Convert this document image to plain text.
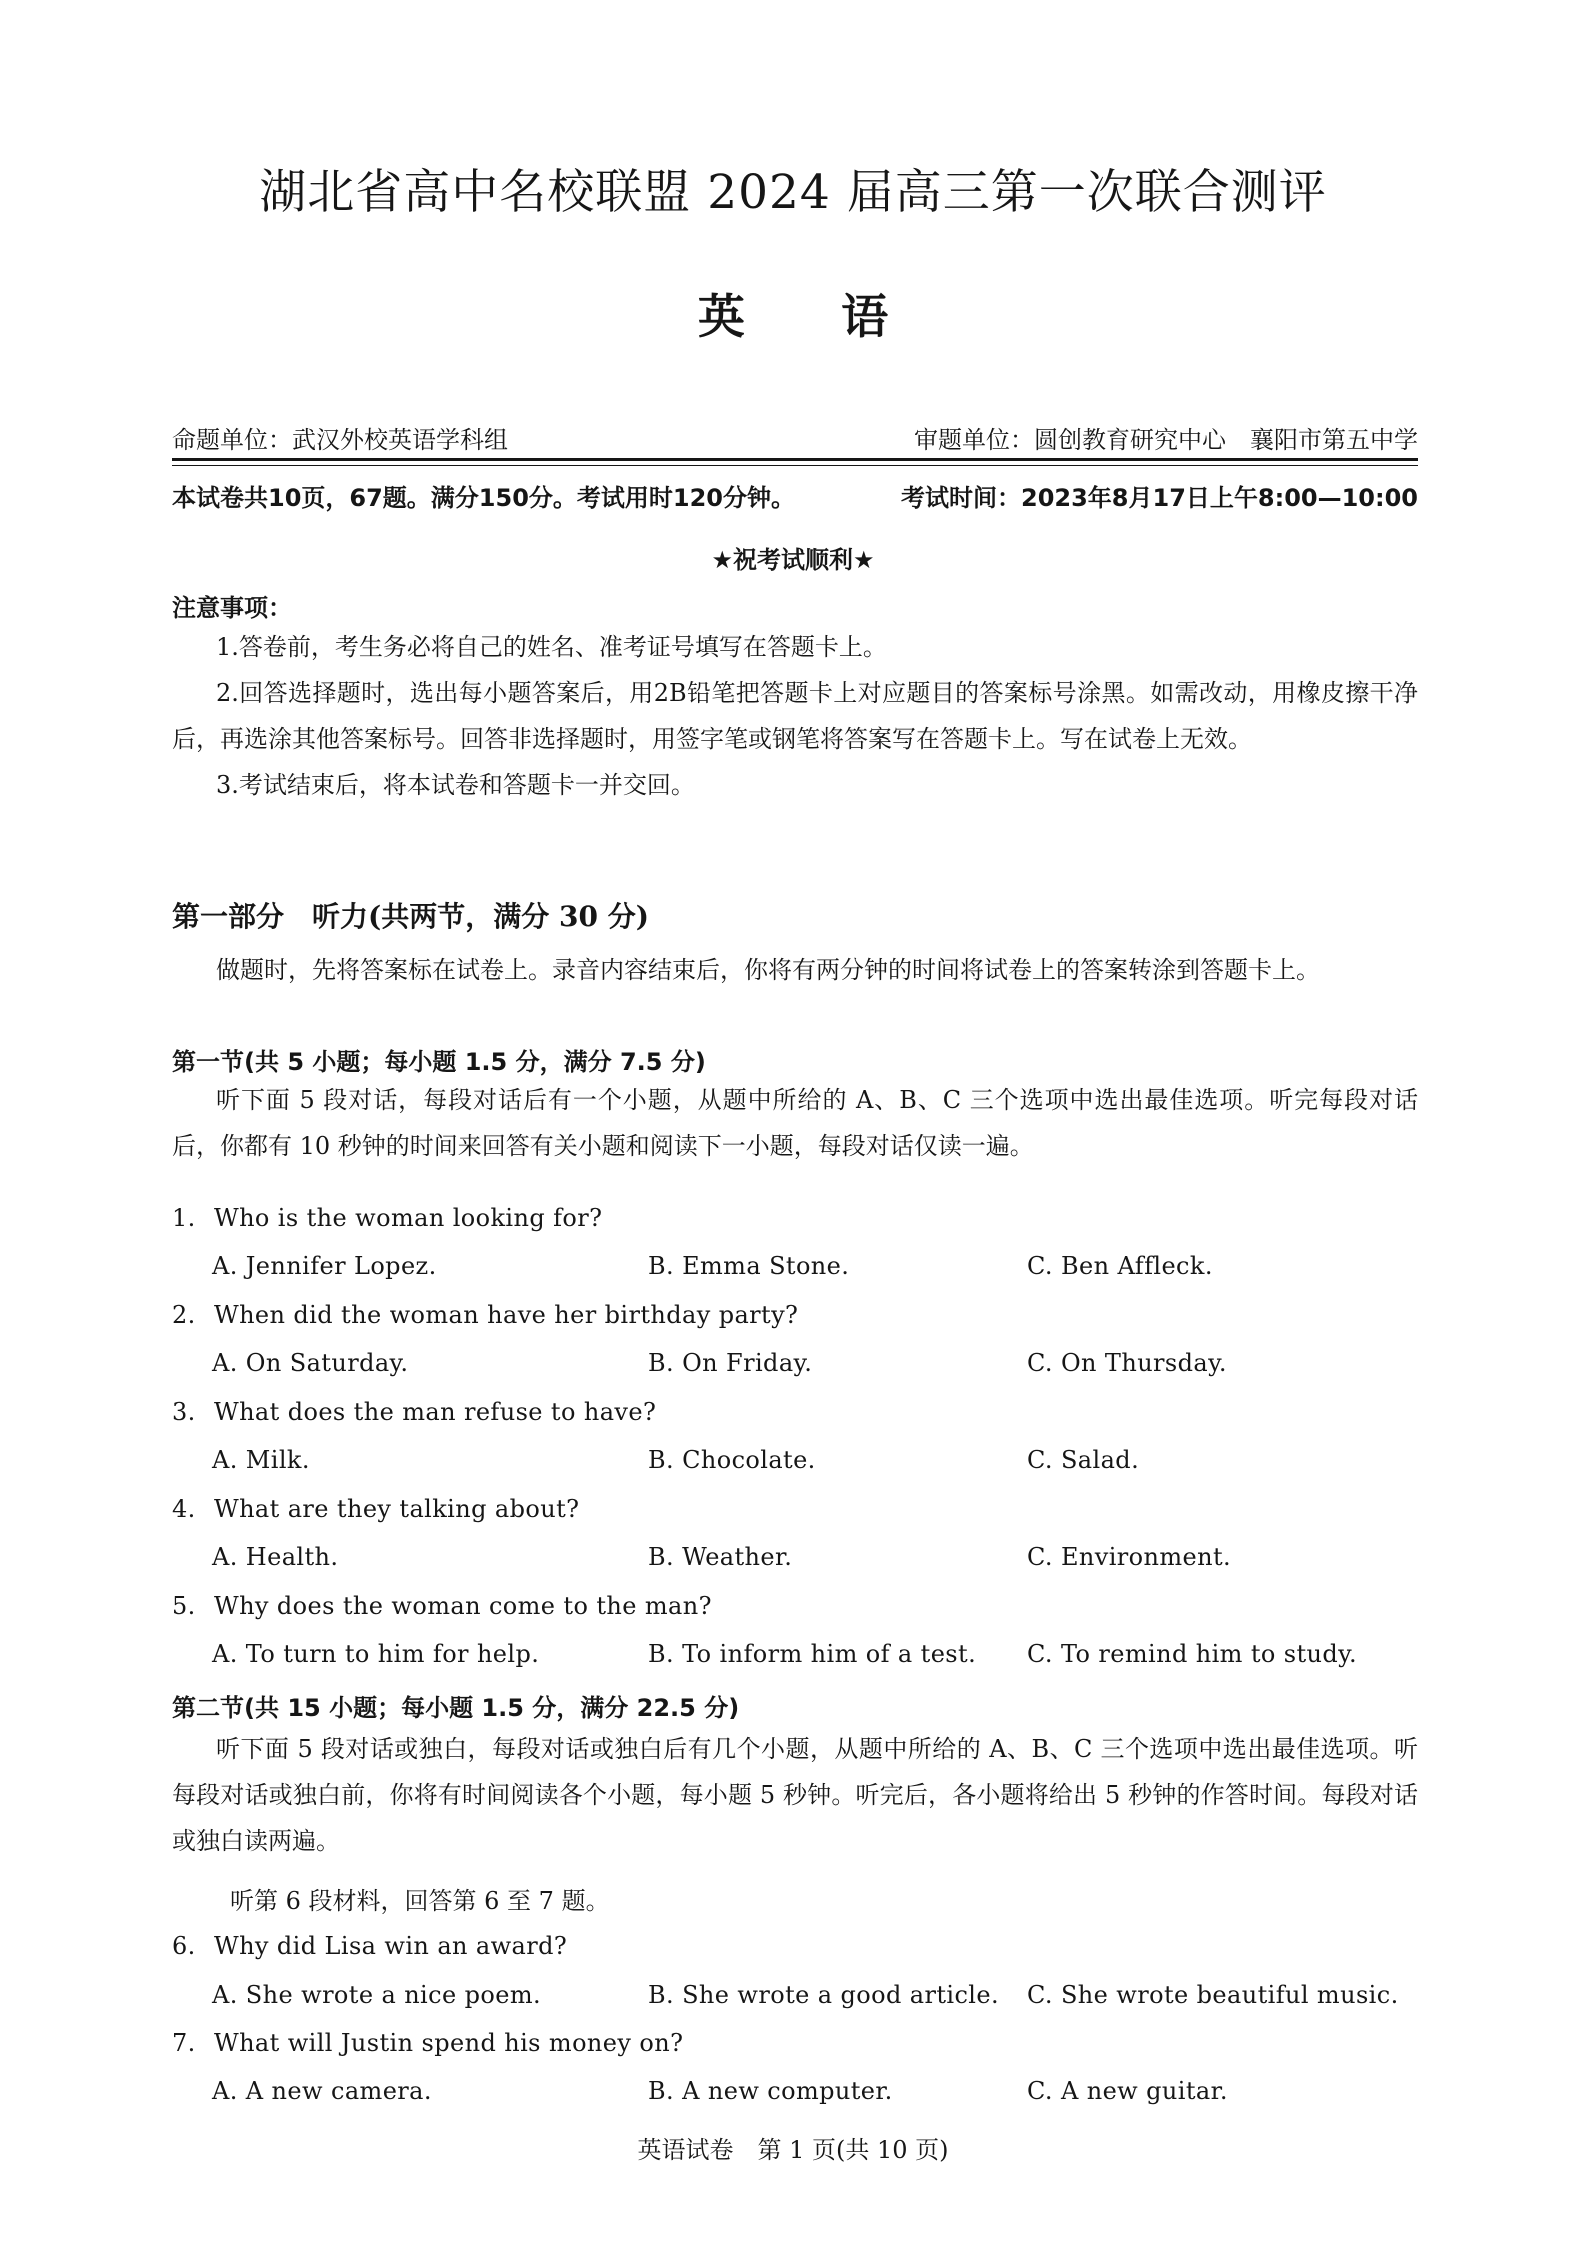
湖北省高中名校联盟 2024 届高三第一次联合测评
英 语
命题单位：武汉外校英语学科组	审题单位：圆创教育研究中心　襄阳市第五中学
本试卷共10页，67题。满分150分。考试用时120分钟。	考试时间：2023年8月17日上午8:00—10:00
★祝考试顺利★
注意事项：

1.答卷前，考生务必将自己的姓名、准考证号填写在答题卡上。

2.回答选择题时，选出每小题答案后，用2B铅笔把答题卡上对应题目的答案标号涂黑。如需改动，用橡皮擦干净后，再选涂其他答案标号。回答非选择题时，用签字笔或钢笔将答案写在答题卡上。写在试卷上无效。

3.考试结束后，将本试卷和答题卡一并交回。

第一部分 听力(共两节，满分 30 分)

做题时，先将答案标在试卷上。录音内容结束后，你将有两分钟的时间将试卷上的答案转涂到答题卡上。

第一节(共 5 小题；每小题 1.5 分，满分 7.5 分)

听下面 5 段对话，每段对话后有一个小题，从题中所给的 A、B、C 三个选项中选出最佳选项。听完每段对话后，你都有 10 秒钟的时间来回答有关小题和阅读下一小题，每段对话仅读一遍。

1. Who is the woman looking for?
A. Jennifer Lopez.	B. Emma Stone.	C. Ben Affleck.
2. When did the woman have her birthday party?
A. On Saturday.	B. On Friday.	C. On Thursday.
3. What does the man refuse to have?
A. Milk.	B. Chocolate.	C. Salad.
4. What are they talking about?
A. Health.	B. Weather.	C. Environment.
5. Why does the woman come to the man?
A. To turn to him for help.	B. To inform him of a test. C. To remind him to study.
第二节(共 15 小题；每小题 1.5 分，满分 22.5 分)

听下面 5 段对话或独白，每段对话或独白后有几个小题，从题中所给的 A、B、C 三个选项中选出最佳选项。听每段对话或独白前，你将有时间阅读各个小题，每小题 5 秒钟。听完后，各小题将给出 5 秒钟的作答时间。每段对话或独白读两遍。

听第 6 段材料，回答第 6 至 7 题。
6. Why did Lisa win an award?
A. She wrote a nice poem.	B. She wrote a good article. C. She wrote beautiful music.
7. What will Justin spend his money on?
A. A new camera.	B. A new computer.	C. A new guitar.
英语试卷　第 1 页(共 10 页)
